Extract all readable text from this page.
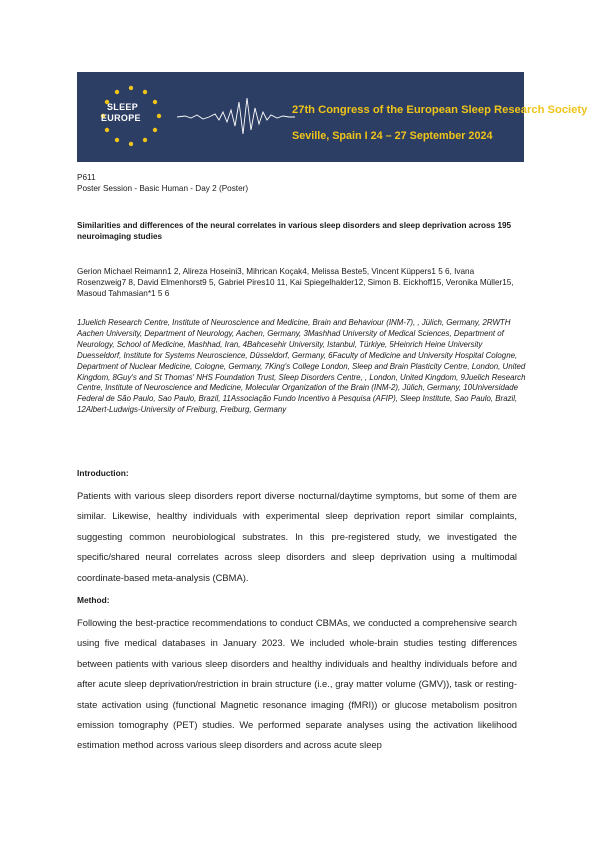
SLEEP
EUROPE
27th Congress of the European Sleep Research Society
Seville, Spain I 24 – 27 September 2024
P611
Poster Session - Basic Human - Day 2 (Poster)
Similarities and differences of the neural correlates in various sleep disorders and sleep deprivation across 195 neuroimaging studies
Gerion Michael Reimann1 2, Alireza Hoseini3, Mihrican Koçak4, Melissa Beste5, Vincent Küppers1 5 6, Ivana Rosenzweig7 8, David Elmenhorst9 5, Gabriel Pires10 11, Kai Spiegelhalder12, Simon B. Eickhoff15, Veronika Müller15, Masoud Tahmasian*1 5 6
1Juelich Research Centre, Institute of Neuroscience and Medicine, Brain and Behaviour (INM-7), , Jülich, Germany, 2RWTH Aachen University, Department of Neurology, Aachen, Germany, 3Mashhad University of Medical Sciences, Department of Neurology, School of Medicine, Mashhad, Iran, 4Bahcesehir University, Istanbul, Türkiye, 5Heinrich Heine University Duesseldorf, Institute for Systems Neuroscience, Düsseldorf, Germany, 6Faculty of Medicine and University Hospital Cologne, Department of Nuclear Medicine, Cologne, Germany, 7King's College London, Sleep and Brain Plasticity Centre, London, United Kingdom, 8Guy's and St Thomas' NHS Foundation Trust, Sleep Disorders Centre, , London, United Kingdom, 9Juelich Research Centre, Institute of Neuroscience and Medicine, Molecular Organization of the Brain (INM-2), Jülich, Germany, 10Universidade Federal de São Paulo, Sao Paulo, Brazil, 11Associação Fundo Incentivo à Pesquisa (AFIP), Sleep Institute, Sao Paulo, Brazil, 12Albert-Ludwigs-University of Freiburg, Freiburg, Germany
Introduction:
Patients with various sleep disorders report diverse nocturnal/daytime symptoms, but some of them are similar. Likewise, healthy individuals with experimental sleep deprivation report similar complaints, suggesting common neurobiological substrates. In this pre-registered study, we investigated the specific/shared neural correlates across sleep disorders and sleep deprivation using a multimodal coordinate-based meta-analysis (CBMA).
Method:
Following the best-practice recommendations to conduct CBMAs, we conducted a comprehensive search using five medical databases in January 2023. We included whole-brain studies testing differences between patients with various sleep disorders and healthy individuals and healthy individuals before and after acute sleep deprivation/restriction in brain structure (i.e., gray matter volume (GMV)), task or resting-state activation using (functional Magnetic resonance imaging (fMRI)) or glucose metabolism positron emission tomography (PET) studies. We performed separate analyses using the activation likelihood estimation method across various sleep disorders and across acute sleep
